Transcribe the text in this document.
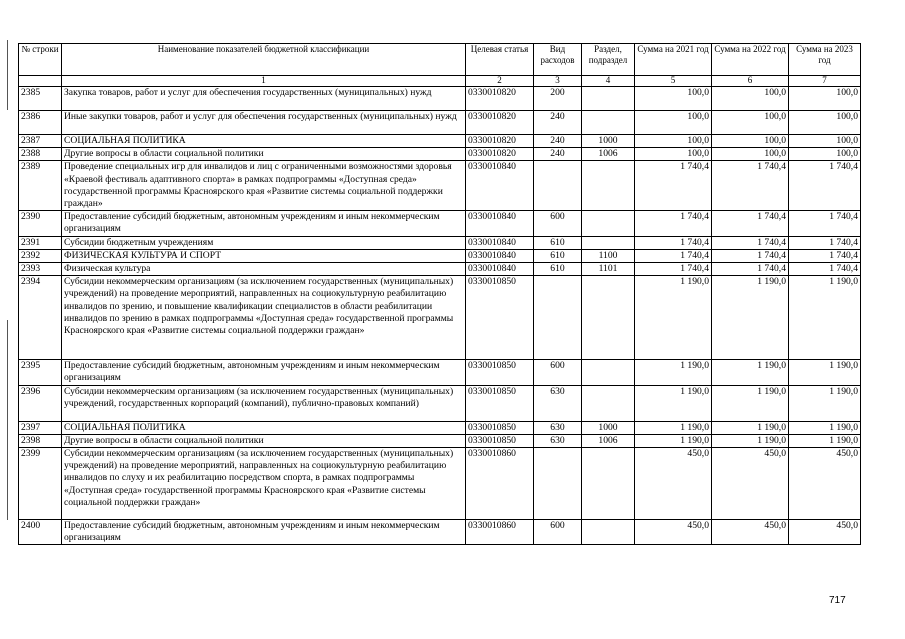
№ строки	Наименование показателей бюджетной классификации	Целевая статья	Вид расходов	Раздел, подраздел	Сумма на 2021 год	Сумма на 2022 год	Сумма на 2023 год
	1	2	3	4	5	6	7
2385	Закупка товаров, работ и услуг для обеспечения государственных (муниципальных) нужд	0330010820	200		100,0	100,0	100,0
2386	Иные закупки товаров, работ и услуг для обеспечения государственных (муниципальных) нужд	0330010820	240		100,0	100,0	100,0
2387	СОЦИАЛЬНАЯ ПОЛИТИКА	0330010820	240	1000	100,0	100,0	100,0
2388	Другие вопросы в области социальной политики	0330010820	240	1006	100,0	100,0	100,0
2389	Проведение специальных игр для инвалидов и лиц с ограниченными возможностями здоровья «Краевой фестиваль адаптивного спорта» в рамках подпрограммы «Доступная среда» государственной программы Красноярского края «Развитие системы социальной поддержки граждан»	0330010840			1 740,4	1 740,4	1 740,4
2390	Предоставление субсидий бюджетным, автономным учреждениям и иным некоммерческим организациям	0330010840	600		1 740,4	1 740,4	1 740,4
2391	Субсидии бюджетным учреждениям	0330010840	610		1 740,4	1 740,4	1 740,4
2392	ФИЗИЧЕСКАЯ КУЛЬТУРА И СПОРТ	0330010840	610	1100	1 740,4	1 740,4	1 740,4
2393	Физическая культура	0330010840	610	1101	1 740,4	1 740,4	1 740,4
2394	Субсидии некоммерческим организациям (за исключением государственных (муниципальных) учреждений) на проведение мероприятий, направленных на социокультурную реабилитацию инвалидов по зрению, и повышение квалификации специалистов в области реабилитации инвалидов по зрению в рамках подпрограммы «Доступная среда» государственной программы Красноярского края «Развитие системы социальной поддержки граждан»	0330010850			1 190,0	1 190,0	1 190,0
2395	Предоставление субсидий бюджетным, автономным учреждениям и иным некоммерческим организациям	0330010850	600		1 190,0	1 190,0	1 190,0
2396	Субсидии некоммерческим организациям (за исключением государственных (муниципальных) учреждений, государственных корпораций (компаний), публично-правовых компаний)	0330010850	630		1 190,0	1 190,0	1 190,0
2397	СОЦИАЛЬНАЯ ПОЛИТИКА	0330010850	630	1000	1 190,0	1 190,0	1 190,0
2398	Другие вопросы в области социальной политики	0330010850	630	1006	1 190,0	1 190,0	1 190,0
2399	Субсидии некоммерческим организациям (за исключением государственных (муниципальных) учреждений) на проведение мероприятий, направленных на социокультурную реабилитацию инвалидов по слуху и их реабилитацию посредством спорта, в рамках подпрограммы «Доступная среда» государственной программы Красноярского края «Развитие системы социальной поддержки граждан»	0330010860			450,0	450,0	450,0
2400	Предоставление субсидий бюджетным, автономным учреждениям и иным некоммерческим организациям	0330010860	600		450,0	450,0	450,0
717
